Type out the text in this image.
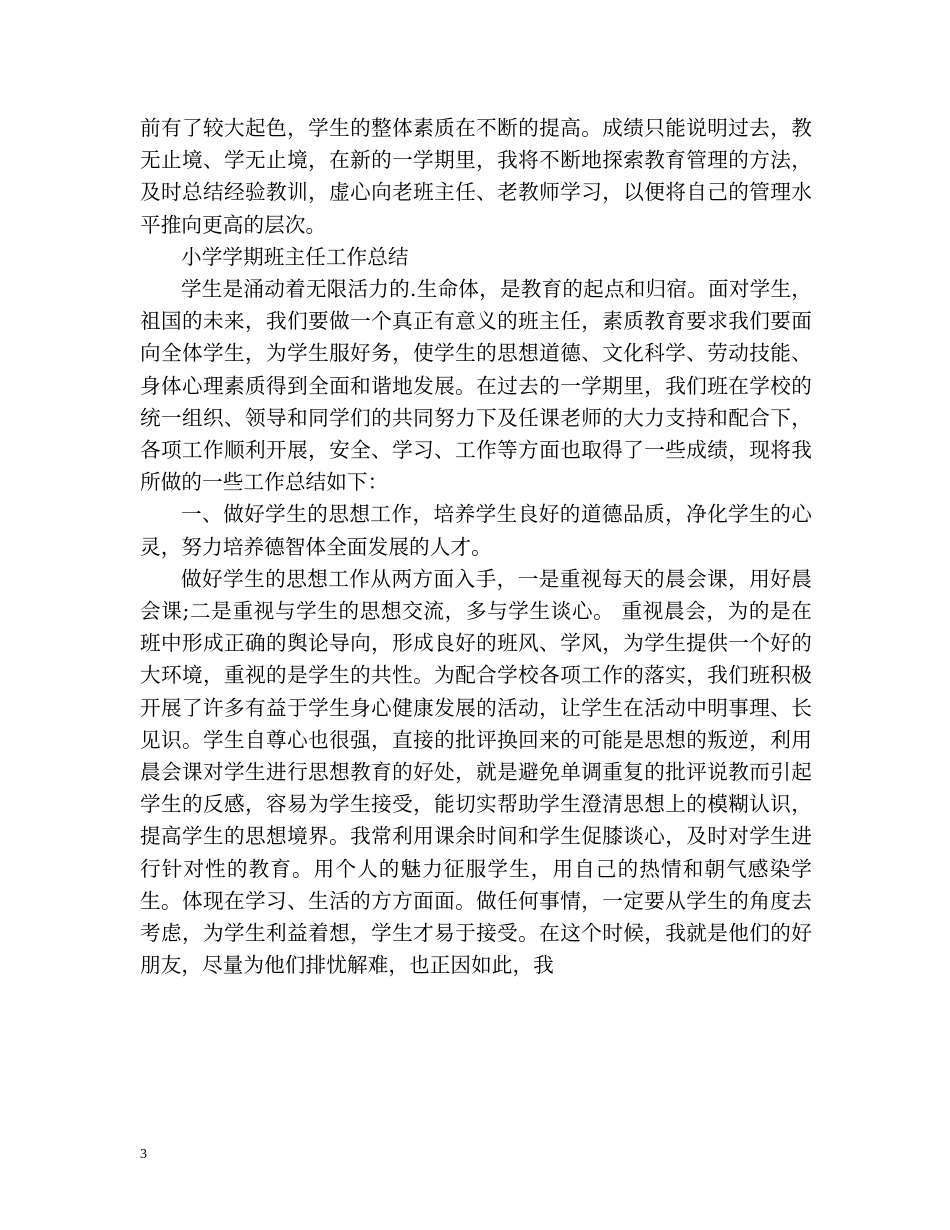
前有了较大起色，学生的整体素质在不断的提高。成绩只能说明过去，教无止境、学无止境，在新的一学期里，我将不断地探索教育管理的方法，及时总结经验教训，虚心向老班主任、老教师学习，以便将自己的管理水平推向更高的层次。

小学学期班主任工作总结

学生是涌动着无限活力的.生命体，是教育的起点和归宿。面对学生，祖国的未来，我们要做一个真正有意义的班主任，素质教育要求我们要面向全体学生，为学生服好务，使学生的思想道德、文化科学、劳动技能、身体心理素质得到全面和谐地发展。在过去的一学期里，我们班在学校的统一组织、领导和同学们的共同努力下及任课老师的大力支持和配合下，各项工作顺利开展，安全、学习、工作等方面也取得了一些成绩，现将我所做的一些工作总结如下：

一、做好学生的思想工作，培养学生良好的道德品质，净化学生的心灵，努力培养德智体全面发展的人才。

做好学生的思想工作从两方面入手，一是重视每天的晨会课，用好晨会课;二是重视与学生的思想交流，多与学生谈心。 重视晨会，为的是在班中形成正确的舆论导向，形成良好的班风、学风，为学生提供一个好的大环境，重视的是学生的共性。为配合学校各项工作的落实，我们班积极开展了许多有益于学生身心健康发展的活动，让学生在活动中明事理、长见识。学生自尊心也很强，直接的批评换回来的可能是思想的叛逆，利用晨会课对学生进行思想教育的好处，就是避免单调重复的批评说教而引起学生的反感，容易为学生接受，能切实帮助学生澄清思想上的模糊认识，提高学生的思想境界。我常利用课余时间和学生促膝谈心，及时对学生进行针对性的教育。用个人的魅力征服学生，用自己的热情和朝气感染学生。体现在学习、生活的方方面面。做任何事情，一定要从学生的角度去考虑，为学生利益着想，学生才易于接受。在这个时候，我就是他们的好朋友，尽量为他们排忧解难，也正因如此，我

3
